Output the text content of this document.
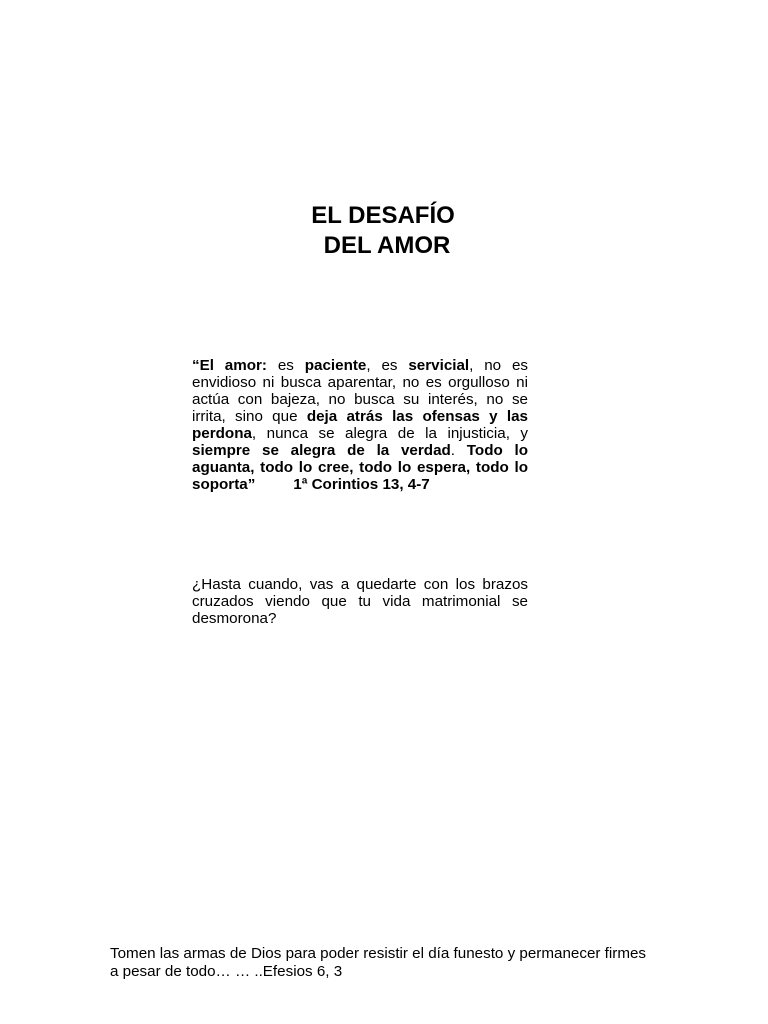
EL DESAFÍO
DEL AMOR
“El amor: es paciente, es servicial, no es envidioso ni busca aparentar, no es orgulloso ni actúa con bajeza, no busca su interés, no se irrita, sino que deja atrás las ofensas y las perdona, nunca se alegra de la injusticia, y siempre se alegra de la verdad. Todo lo aguanta, todo lo cree, todo lo espera, todo lo soporta”	1ª Corintios 13, 4-7
¿Hasta cuando, vas a quedarte con los brazos cruzados viendo que tu vida matrimonial se desmorona?
Tomen las armas de Dios para poder resistir el día funesto y permanecer firmes
a pesar de todo… … ..Efesios 6, 3
